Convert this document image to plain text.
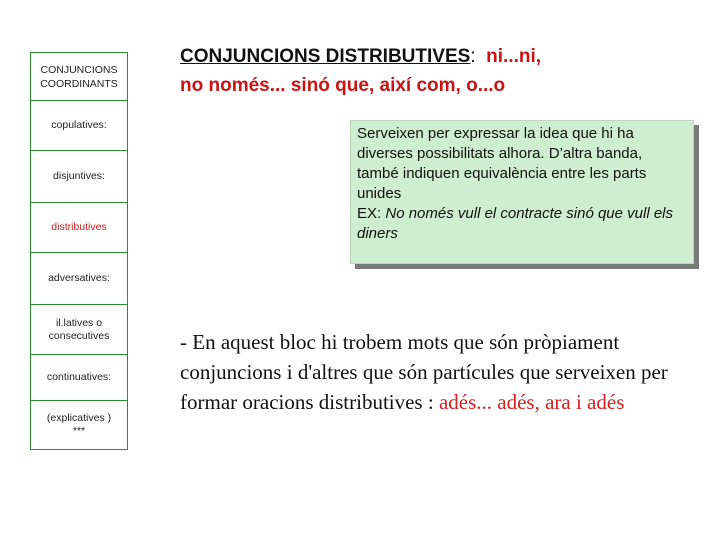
CONJUNCIONS
COORDINANTS
copulatives:
disjuntives:
distributives
adversatives:
il.latives o
consecutives
continuatives:
(explicatives )
***
CONJUNCIONS DISTRIBUTIVES: ni...ni,
no només... sinó que, així com, o...o
Serveixen per expressar la idea que hi ha diverses possibilitats alhora. D’altra banda, també indiquen equivalència entre les parts unides
EX: No només vull el contracte sinó que vull els diners
- En aquest bloc hi trobem mots que són pròpiament conjuncions i d'altres que són partícules que serveixen per formar oracions distributives : adés... adés, ara i adés
